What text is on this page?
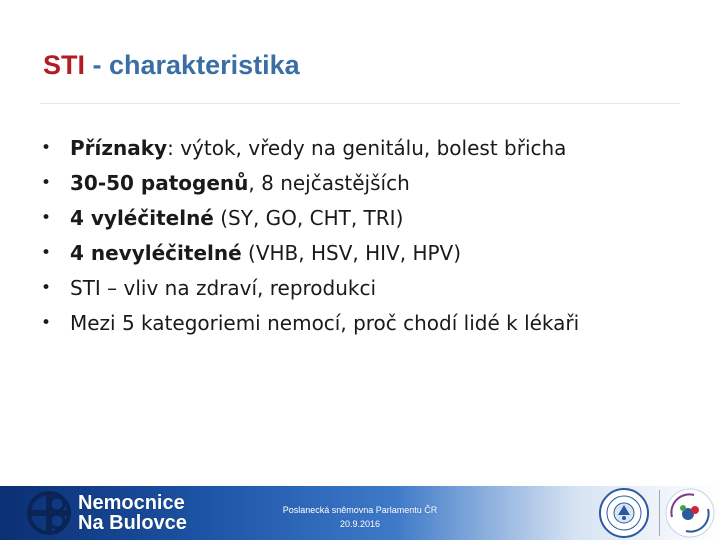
STI - charakteristika
• Příznaky: výtok, vředy na genitálu, bolest břicha
• 30-50 patogenů, 8 nejčastějších
• 4 vyléčitelné (SY, GO, CHT, TRI)
• 4 nevyléčitelné (VHB, HSV, HIV, HPV)
• STI – vliv na zdraví, reprodukci
• Mezi 5 kategoriemi nemocí, proč chodí lidé k lékaři
Nemocnice
Na Bulovce
Poslanecká sněmovna Parlamentu ČR
20.9.2016
